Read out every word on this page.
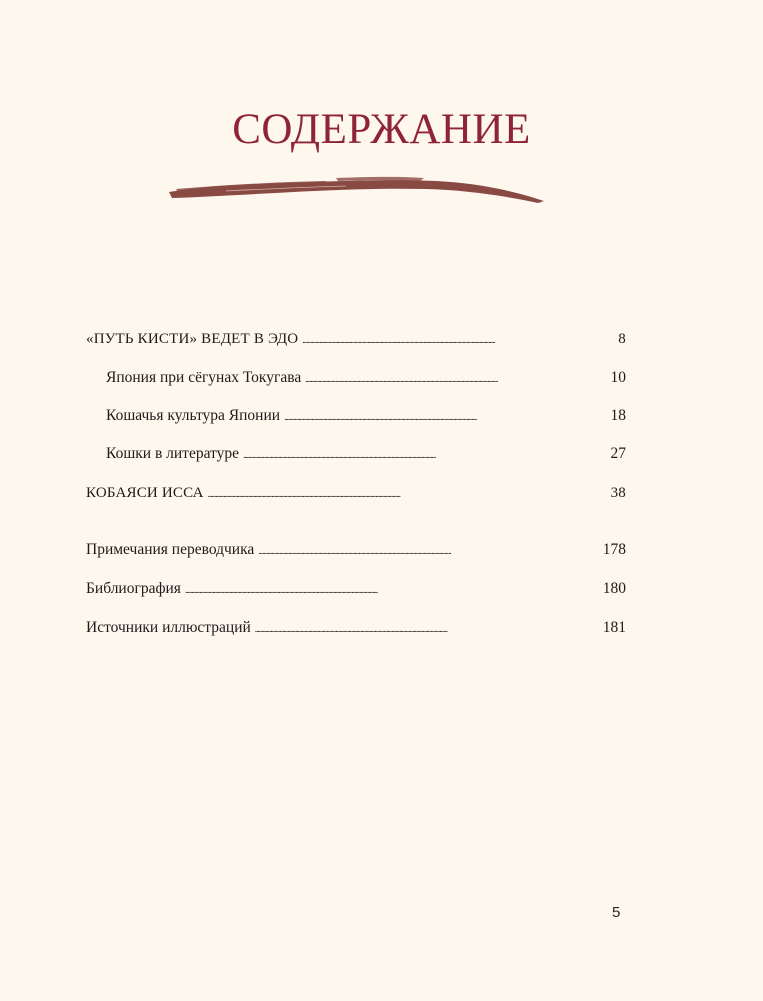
СОДЕРЖАНИЕ
«ПУТЬ КИСТИ» ВЕДЕТ В ЭДО . . .	8
Япония при сёгунах Токугава . . .	10
Кошачья культура Японии . . .	18
Кошки в литературе . . .	27
КОБАЯСИ ИССА . . .	38
Примечания переводчика . . .	178
Библиография . . .	180
Источники иллюстраций . . .	181
5
